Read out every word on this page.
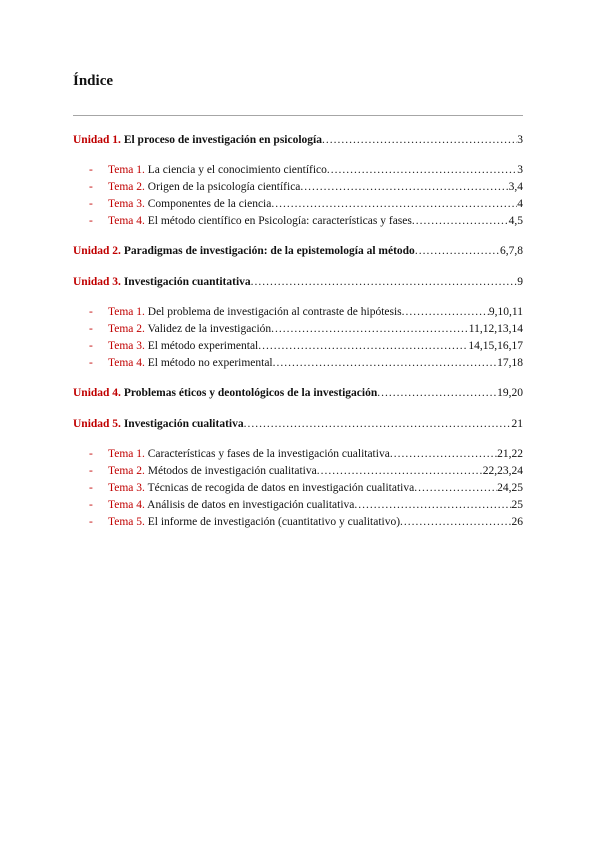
Índice
Unidad 1. El proceso de investigación en psicología .....	3
-	Tema 1. La ciencia y el conocimiento científico .....	3
-	Tema 2. Origen de la psicología científica .....	3,4
-	Tema 3. Componentes de la ciencia .....	4
-	Tema 4. El método científico en Psicología: características y fases .....	4,5
Unidad 2. Paradigmas de investigación: de la epistemología al método .....	6,7,8
Unidad 3. Investigación cuantitativa .....	9
-	Tema 1. Del problema de investigación al contraste de hipótesis .....	9,10,11
-	Tema 2. Validez de la investigación .....	11,12,13,14
-	Tema 3. El método experimental .....	14,15,16,17
-	Tema 4. El método no experimental .....	17,18
Unidad 4. Problemas éticos y deontológicos de la investigación .....	19,20
Unidad 5. Investigación cualitativa .....	21
-	Tema 1. Características y fases de la investigación cualitativa .....	21,22
-	Tema 2. Métodos de investigación cualitativa .....	22,23,24
-	Tema 3. Técnicas de recogida de datos en investigación cualitativa .....	24,25
-	Tema 4. Análisis de datos en investigación cualitativa .....	25
-	Tema 5. El informe de investigación (cuantitativo y cualitativo) .....	26
